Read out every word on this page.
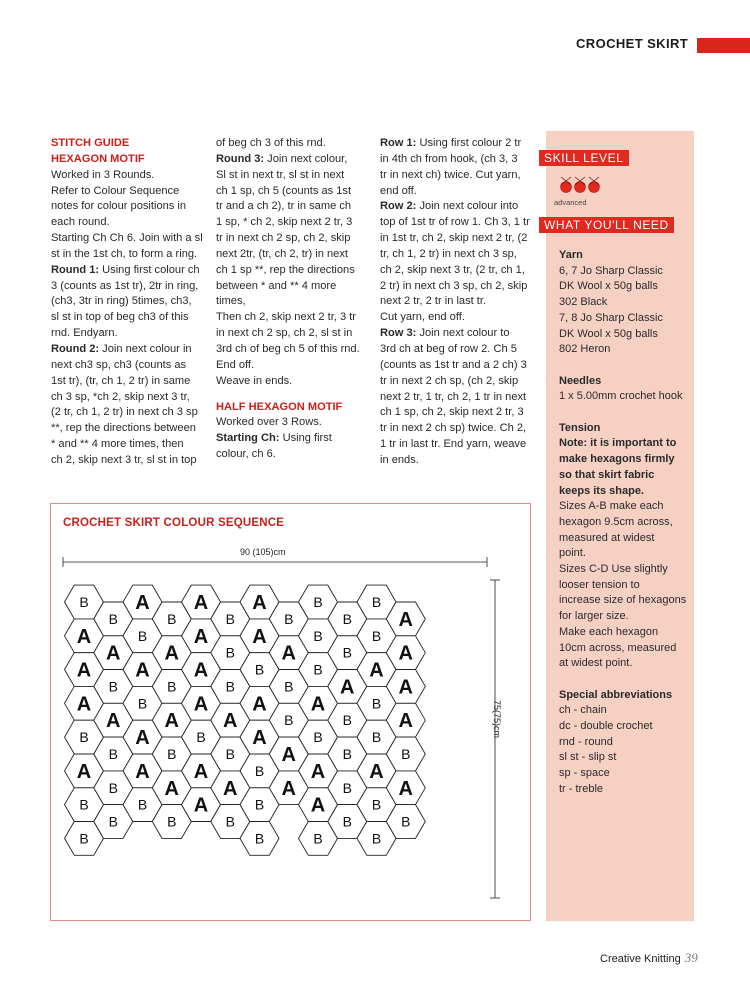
CROCHET SKIRT
STITCH GUIDE
HEXAGON MOTIF
Worked in 3 Rounds.
Refer to Colour Sequence
notes for colour positions in
each round.
Starting Ch Ch 6. Join with a sl
st in the 1st ch, to form a ring.
Round 1: Using first colour ch
3 (counts as 1st tr), 2tr in ring,
(ch3, 3tr in ring) 5times, ch3,
sl st in top of beg ch3 of this
rnd. Endyarn.
Round 2: Join next colour in
next ch3 sp, ch3 (counts as
1st tr), (tr, ch 1, 2 tr) in same
ch 3 sp, *ch 2, skip next 3 tr,
(2 tr, ch 1, 2 tr) in next ch 3 sp
**, rep the directions between
* and ** 4 more times, then
ch 2, skip next 3 tr, sl st in top
of beg ch 3 of this rnd.
Round 3: Join next colour,
Sl st in next tr, sl st in next
ch 1 sp, ch 5 (counts as 1st
tr and a ch 2), tr in same ch
1 sp, * ch 2, skip next 2 tr, 3
tr in next ch 2 sp, ch 2, skip
next 2tr, (tr, ch 2, tr) in next
ch 1 sp **, rep the directions
between * and ** 4 more
times,
Then ch 2, skip next 2 tr, 3 tr
in next ch 2 sp, ch 2, sl st in
3rd ch of beg ch 5 of this rnd.
End off.
Weave in ends.
HALF HEXAGON MOTIF
Worked over 3 Rows.
Starting Ch: Using first
colour, ch 6.
Row 1: Using first colour 2 tr
in 4th ch from hook, (ch 3, 3
tr in next ch) twice. Cut yarn,
end off.
Row 2: Join next colour into
top of 1st tr of row 1. Ch 3, 1 tr
in 1st tr, ch 2, skip next 2 tr, (2
tr, ch 1, 2 tr) in next ch 3 sp,
ch 2, skip next 3 tr, (2 tr, ch 1,
2 tr) in next ch 3 sp, ch 2, skip
next 2 tr, 2 tr in last tr.
Cut yarn, end off.
Row 3: Join next colour to
3rd ch at beg of row 2. Ch 5
(counts as 1st tr and a 2 ch) 3
tr in next 2 ch sp, (ch 2, skip
next 2 tr, 1 tr, ch 2, 1 tr in next
ch 1 sp, ch 2, skip next 2 tr, 3
tr in next 2 ch sp) twice. Ch 2,
1 tr in last tr. End yarn, weave
in ends.
SKILL LEVEL
advanced
WHAT YOU'LL NEED
Yarn
6, 7 Jo Sharp Classic
DK Wool x 50g balls
302 Black
7, 8 Jo Sharp Classic
DK Wool x 50g balls
802 Heron
Needles
1 x 5.00mm crochet hook
Tension
Note: it is important to
make hexagons firmly
so that skirt fabric
keeps its shape.
Sizes A-B make each
hexagon 9.5cm across,
measured at widest
point.
Sizes C-D Use slightly
looser tension to
increase size of hexagons
for larger size.
Make each hexagon
10cm across, measured
at widest point.
Special abbreviations
ch - chain
dc - double crochet
rnd - round
sl st - slip st
sp - space
tr - treble
CROCHET SKIRT COLOUR SEQUENCE
90 (105)cm
75(75)cm
B
A
A
A
B
A
B
B
B
A
B
A
B
B
B
A
B
A
B
A
A
B
B
A
B
A
B
A
B
A
A
A
A
B
A
A
B
B
B
A
B
A
B
A
A
B
A
A
B
B
B
B
A
B
B
A
A
B
B
B
A
B
A
A
B
B
B
A
B
B
B
B
B
B
A
B
B
A
B
B
A
A
A
A
B
A
B
Creative Knitting 39
